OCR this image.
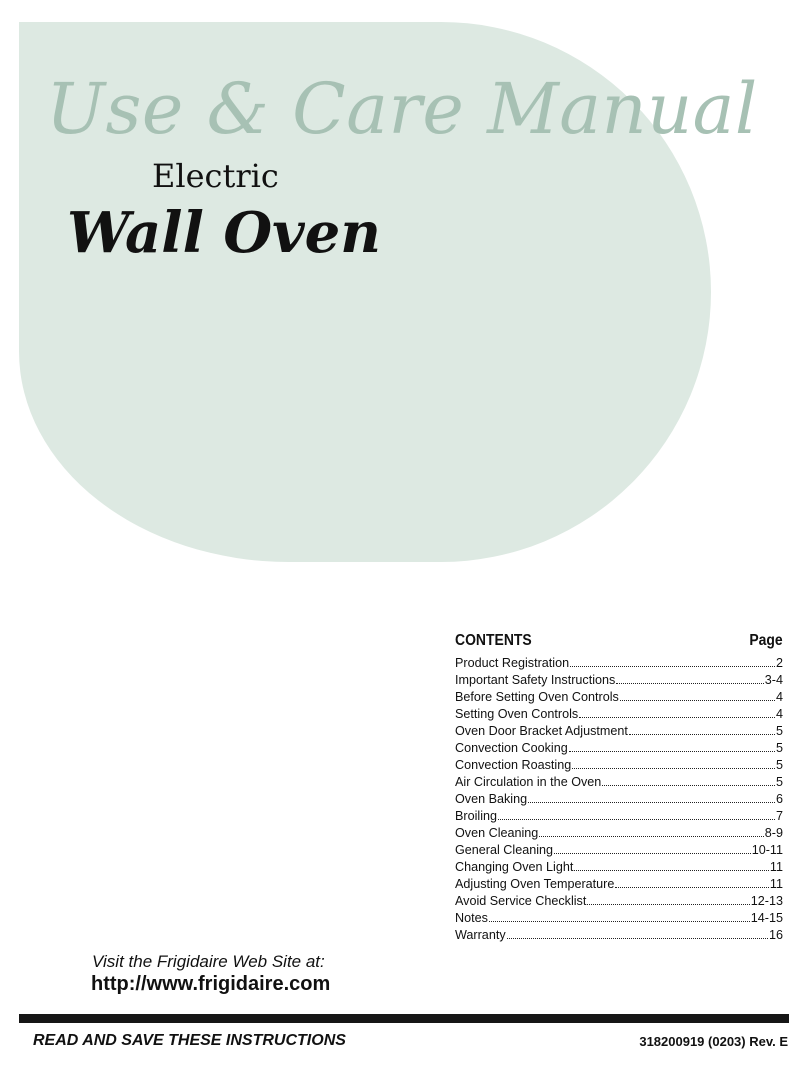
Use & Care Manual
Electric
Wall Oven
CONTENTS	Page
Product Registration	2
Important Safety Instructions	3-4
Before Setting Oven Controls	4
Setting Oven Controls	4
Oven Door Bracket Adjustment	5
Convection Cooking	5
Convection Roasting	5
Air Circulation in the Oven	5
Oven Baking	6
Broiling	7
Oven Cleaning	8-9
General Cleaning	10-11
Changing Oven Light	11
Adjusting Oven Temperature	11
Avoid Service Checklist	12-13
Notes	14-15
Warranty	16

Visit the Frigidaire Web Site at:

http://www.frigidaire.com

READ AND SAVE THESE INSTRUCTIONS	318200919 (0203) Rev. E
